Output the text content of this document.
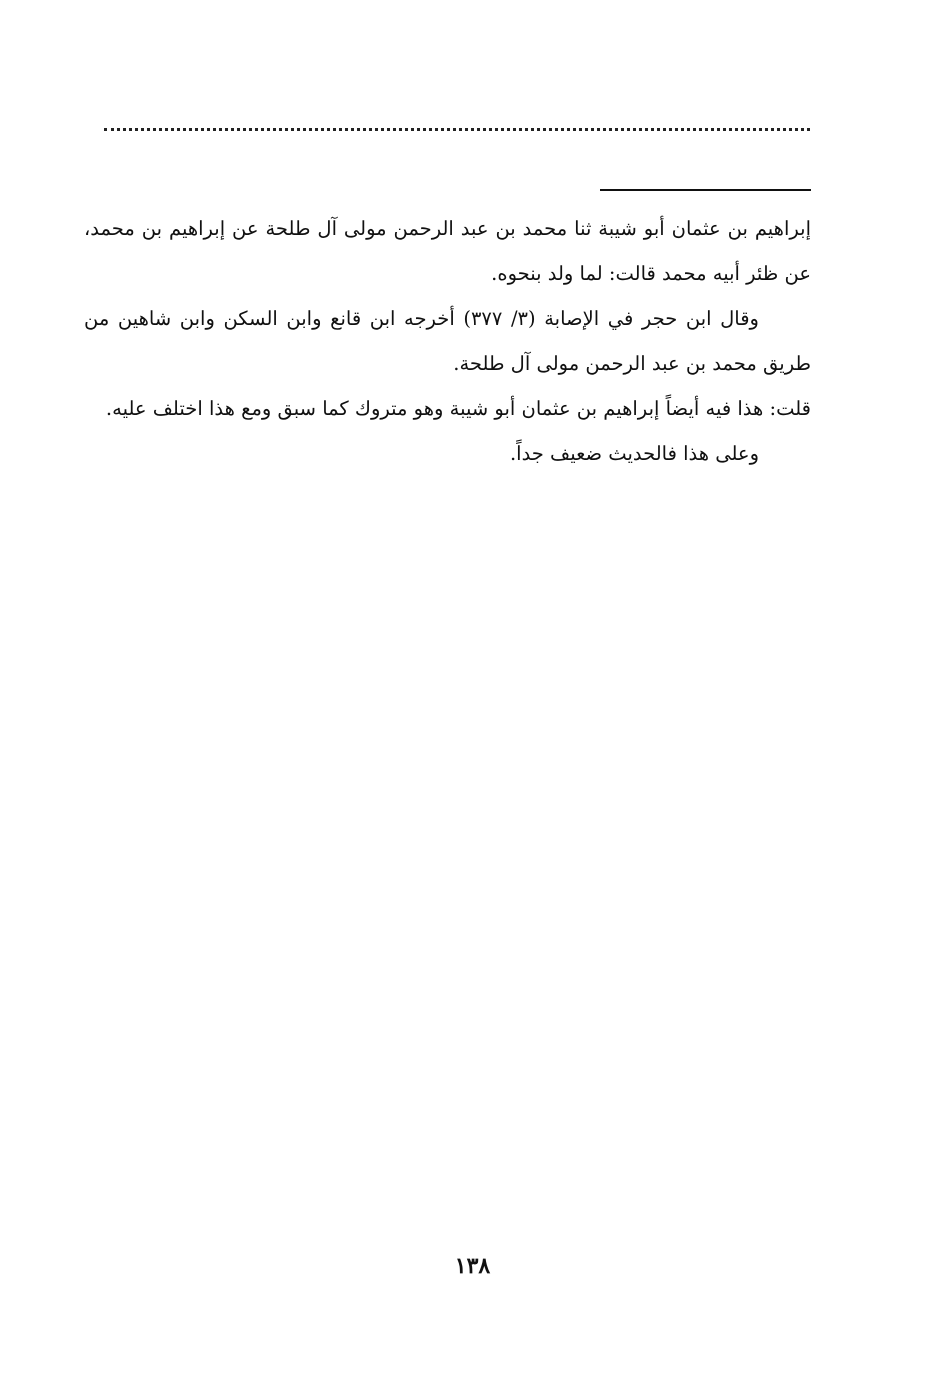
إبراهيم بن عثمان أبو شيبة ثنا محمد بن عبد الرحمن مولى آل طلحة عن إبراهيم بن محمد، عن ظئر أبيه محمد قالت: لما ولد بنحوه.

وقال ابن حجر في الإصابة (٣/ ٣٧٧) أخرجه ابن قانع وابن السكن وابن شاهين من طريق محمد بن عبد الرحمن مولى آل طلحة.

قلت: هذا فيه أيضاً إبراهيم بن عثمان أبو شيبة وهو متروك كما سبق ومع هذا اختلف عليه.

وعلى هذا فالحديث ضعيف جداً.

١٣٨
